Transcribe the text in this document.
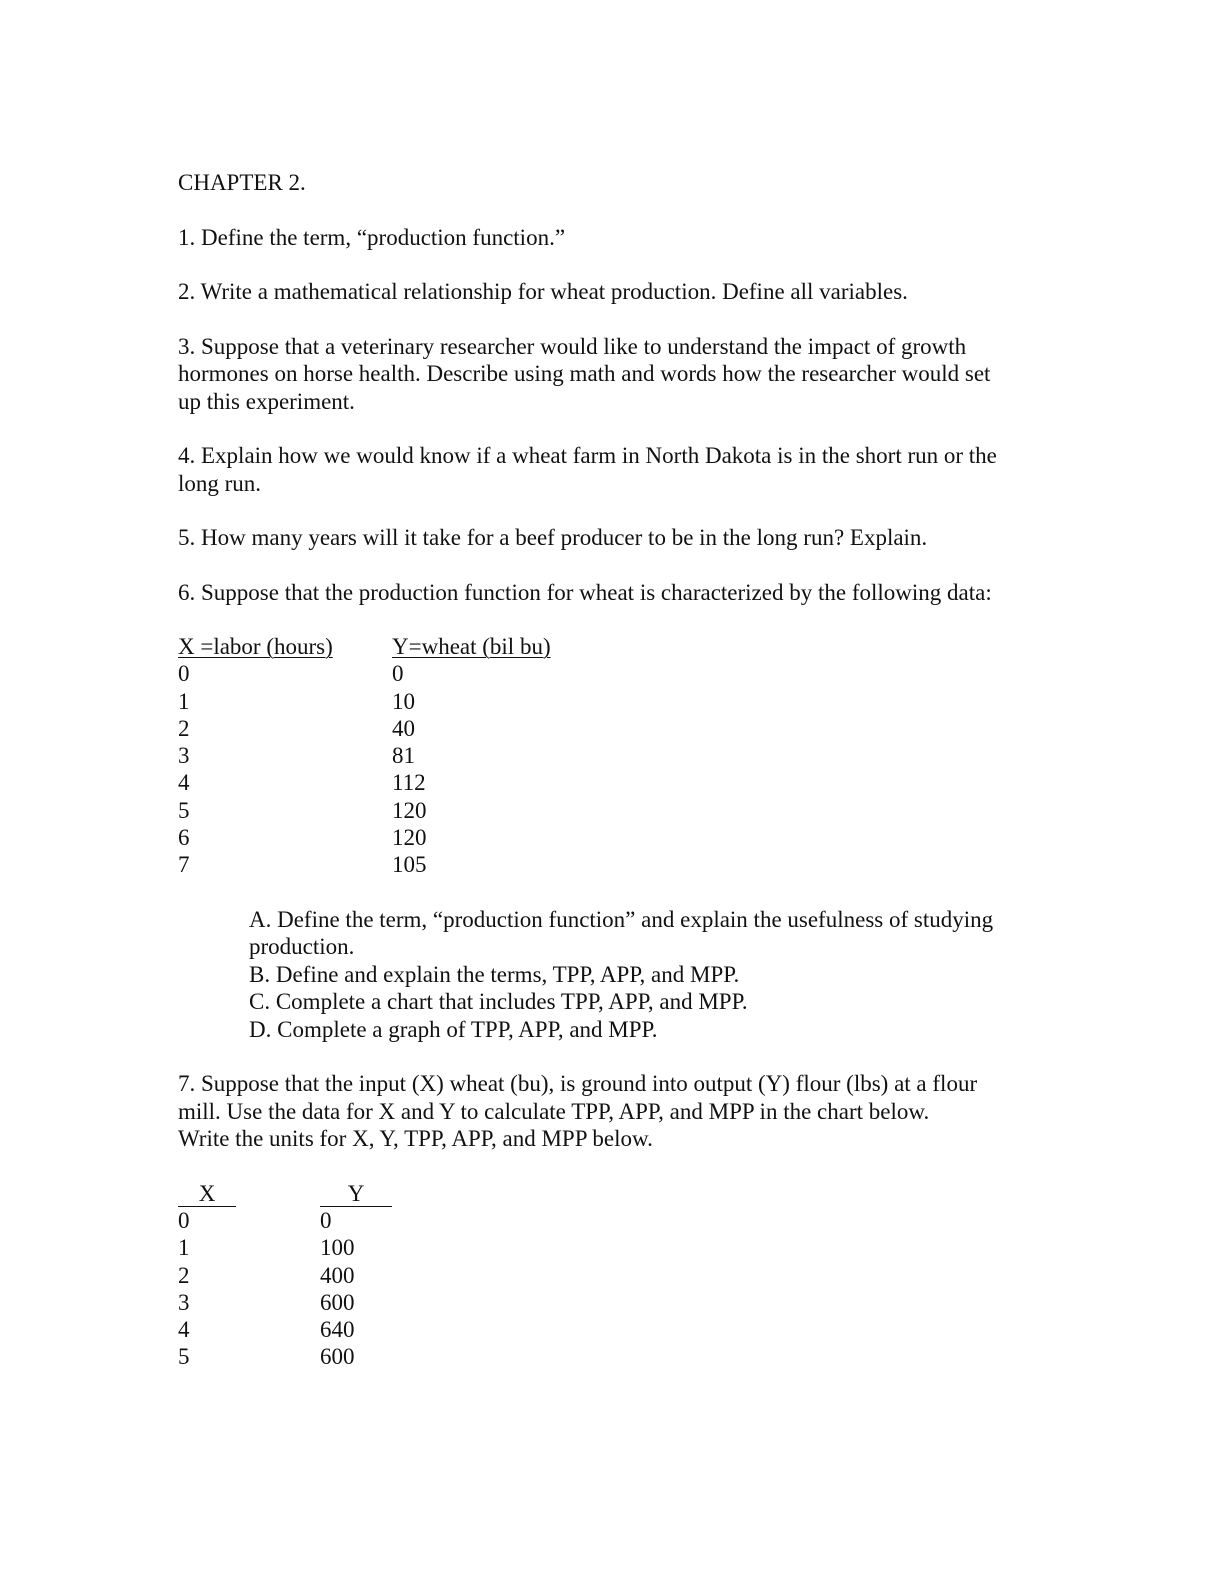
CHAPTER 2.

1. Define the term, “production function.”

2. Write a mathematical relationship for wheat production. Define all variables.

3. Suppose that a veterinary researcher would like to understand the impact of growth

hormones on horse health. Describe using math and words how the researcher would set

up this experiment.

4. Explain how we would know if a wheat farm in North Dakota is in the short run or the

long run.

5. How many years will it take for a beef producer to be in the long run? Explain.

6. Suppose that the production function for wheat is characterized by the following data:

X =labor (hours)	Y=wheat (bil bu)
0	0
1	10
2	40
3	81
4	112
5	120
6	120
7	105

A. Define the term, “production function” and explain the usefulness of studying

production.

B. Define and explain the terms, TPP, APP, and MPP.

C. Complete a chart that includes TPP, APP, and MPP.

D. Complete a graph of TPP, APP, and MPP.

7. Suppose that the input (X) wheat (bu), is ground into output (Y) flour (lbs) at a flour

mill. Use the data for X and Y to calculate TPP, APP, and MPP in the chart below.

Write the units for X, Y, TPP, APP, and MPP below.

X	Y
0	0
1	100
2	400
3	600
4	640
5	600
